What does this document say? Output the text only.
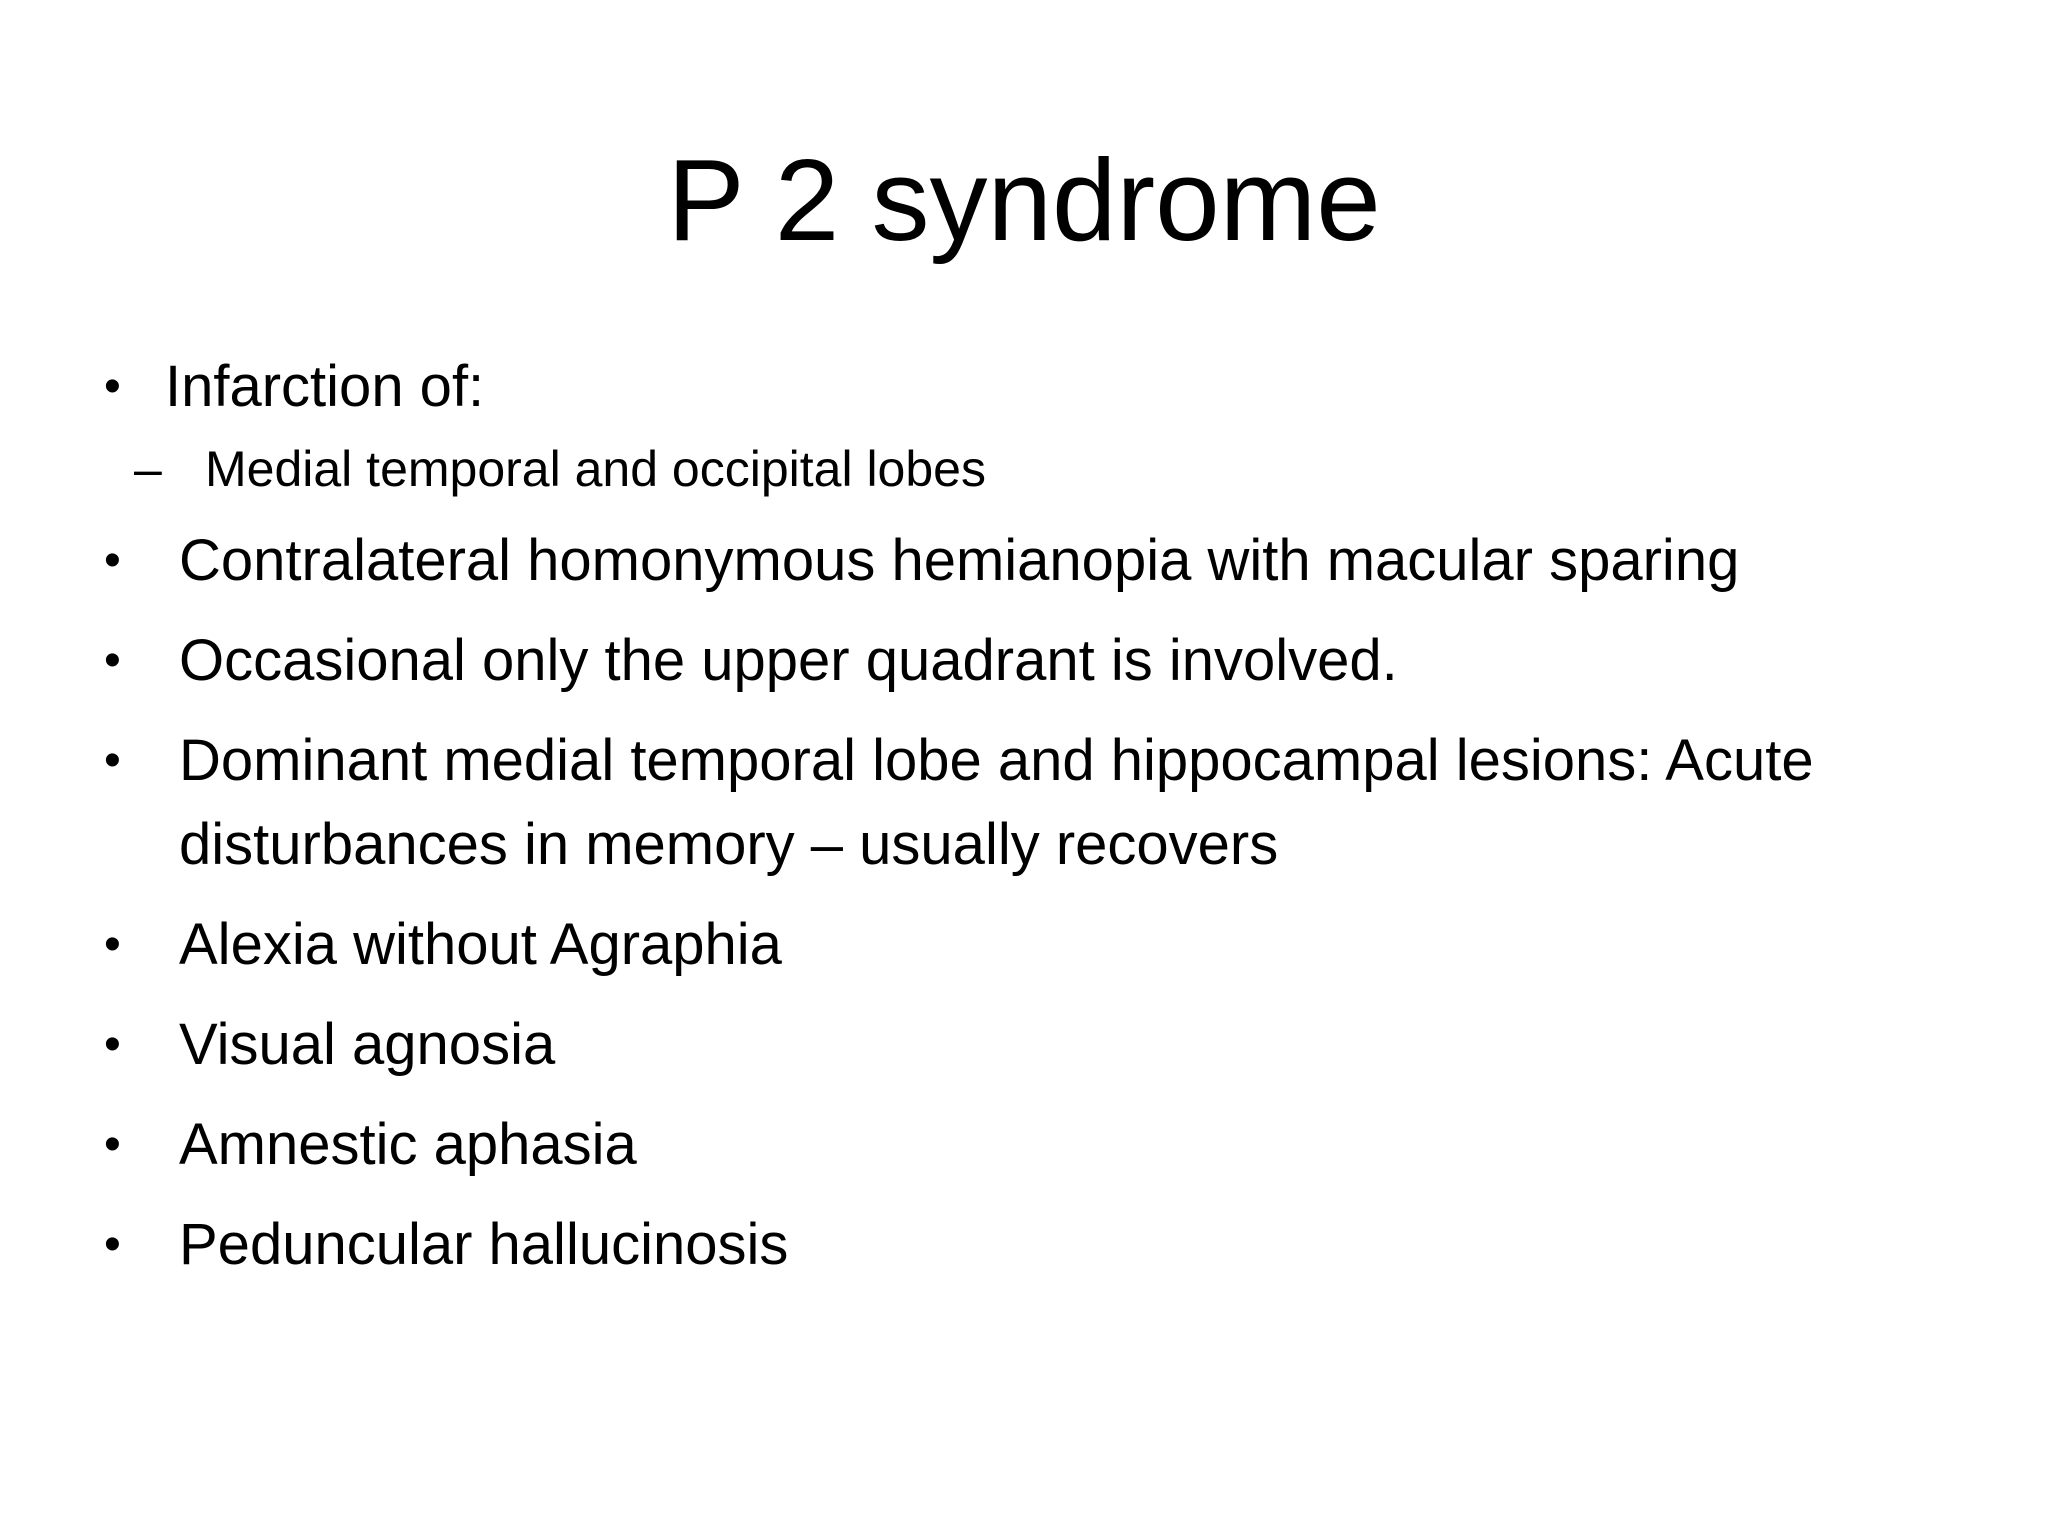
P 2 syndrome
• Infarction of:
– Medial temporal and occipital lobes
• Contralateral homonymous hemianopia with macular sparing
• Occasional only the upper quadrant is involved.
• Dominant medial temporal lobe and hippocampal lesions: Acute disturbances in memory – usually recovers
• Alexia without Agraphia
• Visual agnosia
• Amnestic aphasia
• Peduncular hallucinosis
